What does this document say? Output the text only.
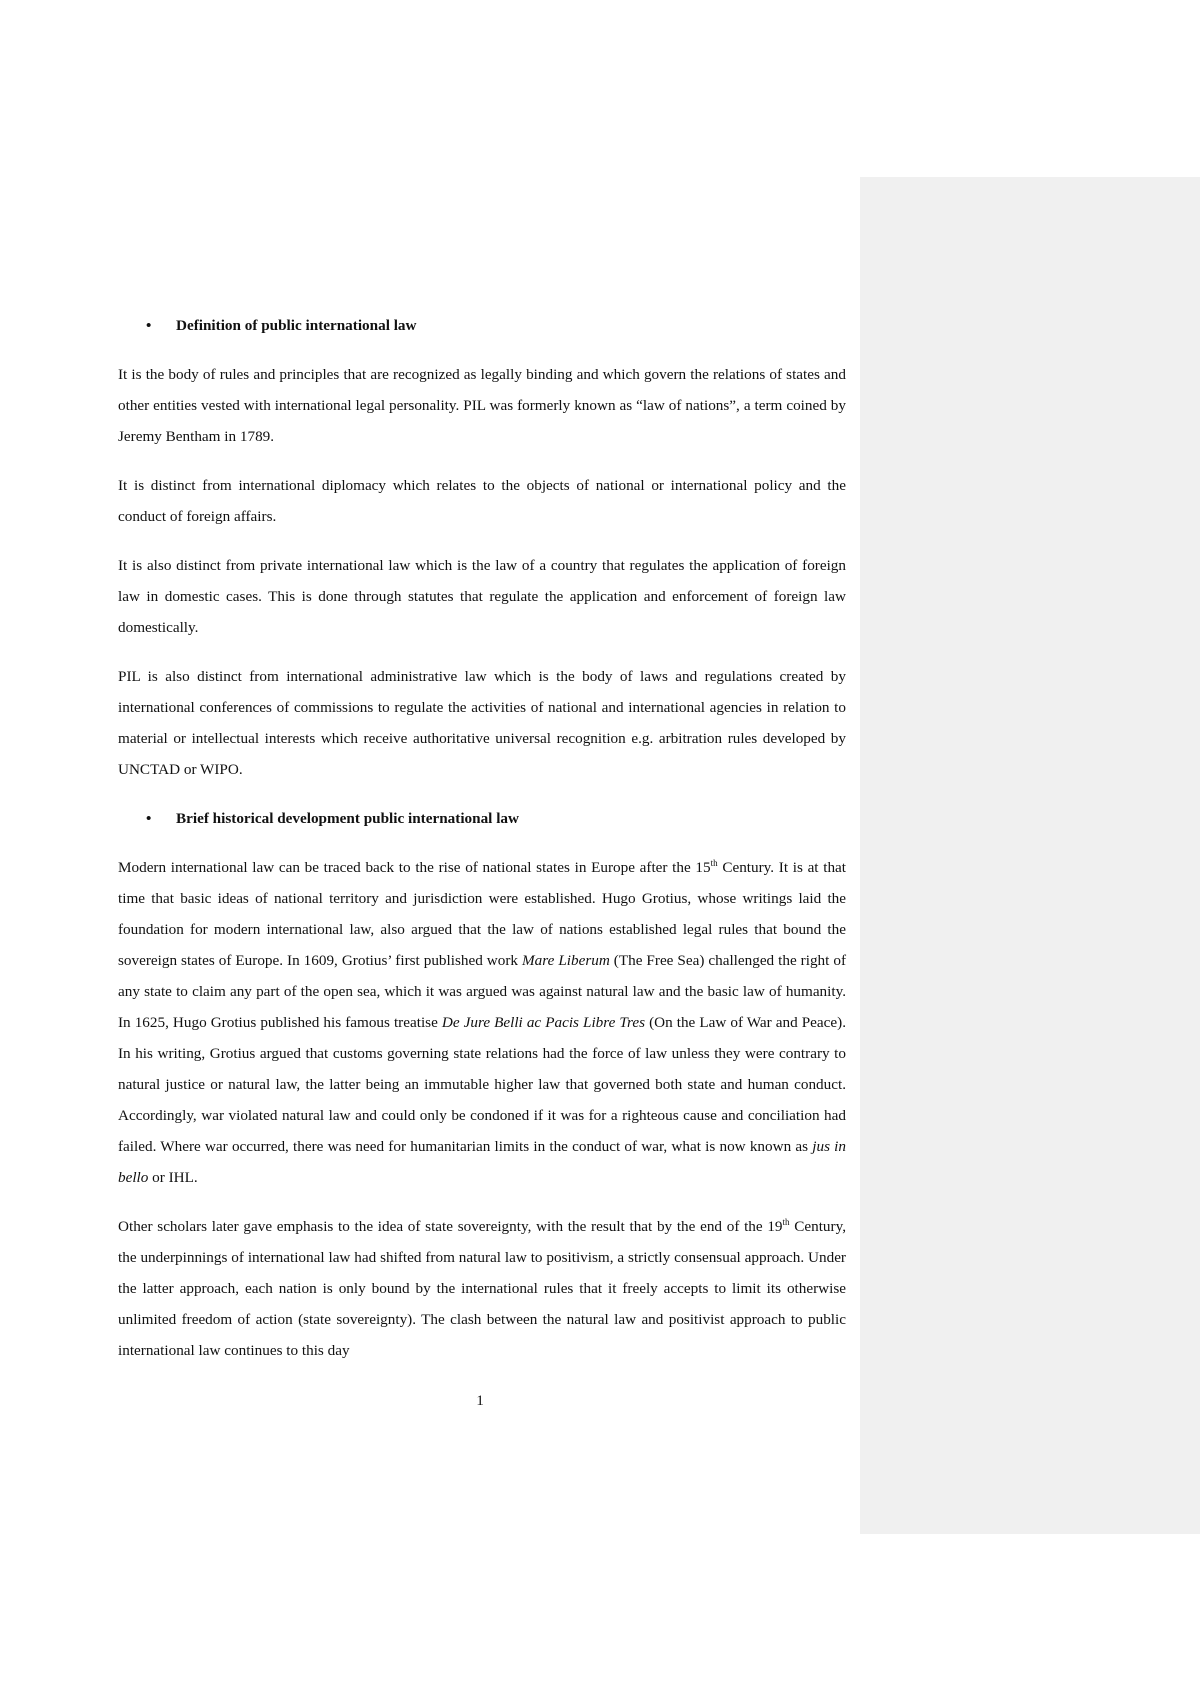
•	Definition of public international law

It is the body of rules and principles that are recognized as legally binding and which govern the relations of states and other entities vested with international legal personality. PIL was formerly known as “law of nations”, a term coined by Jeremy Bentham in 1789.

It is distinct from international diplomacy which relates to the objects of national or international policy and the conduct of foreign affairs.

It is also distinct from private international law which is the law of a country that regulates the application of foreign law in domestic cases. This is done through statutes that regulate the application and enforcement of foreign law domestically.

PIL is also distinct from international administrative law which is the body of laws and regulations created by international conferences of commissions to regulate the activities of national and international agencies in relation to material or intellectual interests which receive authoritative universal recognition e.g. arbitration rules developed by UNCTAD or WIPO.

•	Brief historical development public international law

Modern international law can be traced back to the rise of national states in Europe after the 15th Century. It is at that time that basic ideas of national territory and jurisdiction were established. Hugo Grotius, whose writings laid the foundation for modern international law, also argued that the law of nations established legal rules that bound the sovereign states of Europe. In 1609, Grotius’ first published work Mare Liberum (The Free Sea) challenged the right of any state to claim any part of the open sea, which it was argued was against natural law and the basic law of humanity. In 1625, Hugo Grotius published his famous treatise De Jure Belli ac Pacis Libre Tres (On the Law of War and Peace). In his writing, Grotius argued that customs governing state relations had the force of law unless they were contrary to natural justice or natural law, the latter being an immutable higher law that governed both state and human conduct. Accordingly, war violated natural law and could only be condoned if it was for a righteous cause and conciliation had failed. Where war occurred, there was need for humanitarian limits in the conduct of war, what is now known as jus in bello or IHL.

Other scholars later gave emphasis to the idea of state sovereignty, with the result that by the end of the 19th Century, the underpinnings of international law had shifted from natural law to positivism, a strictly consensual approach. Under the latter approach, each nation is only bound by the international rules that it freely accepts to limit its otherwise unlimited freedom of action (state sovereignty). The clash between the natural law and positivist approach to public international law continues to this day

1
